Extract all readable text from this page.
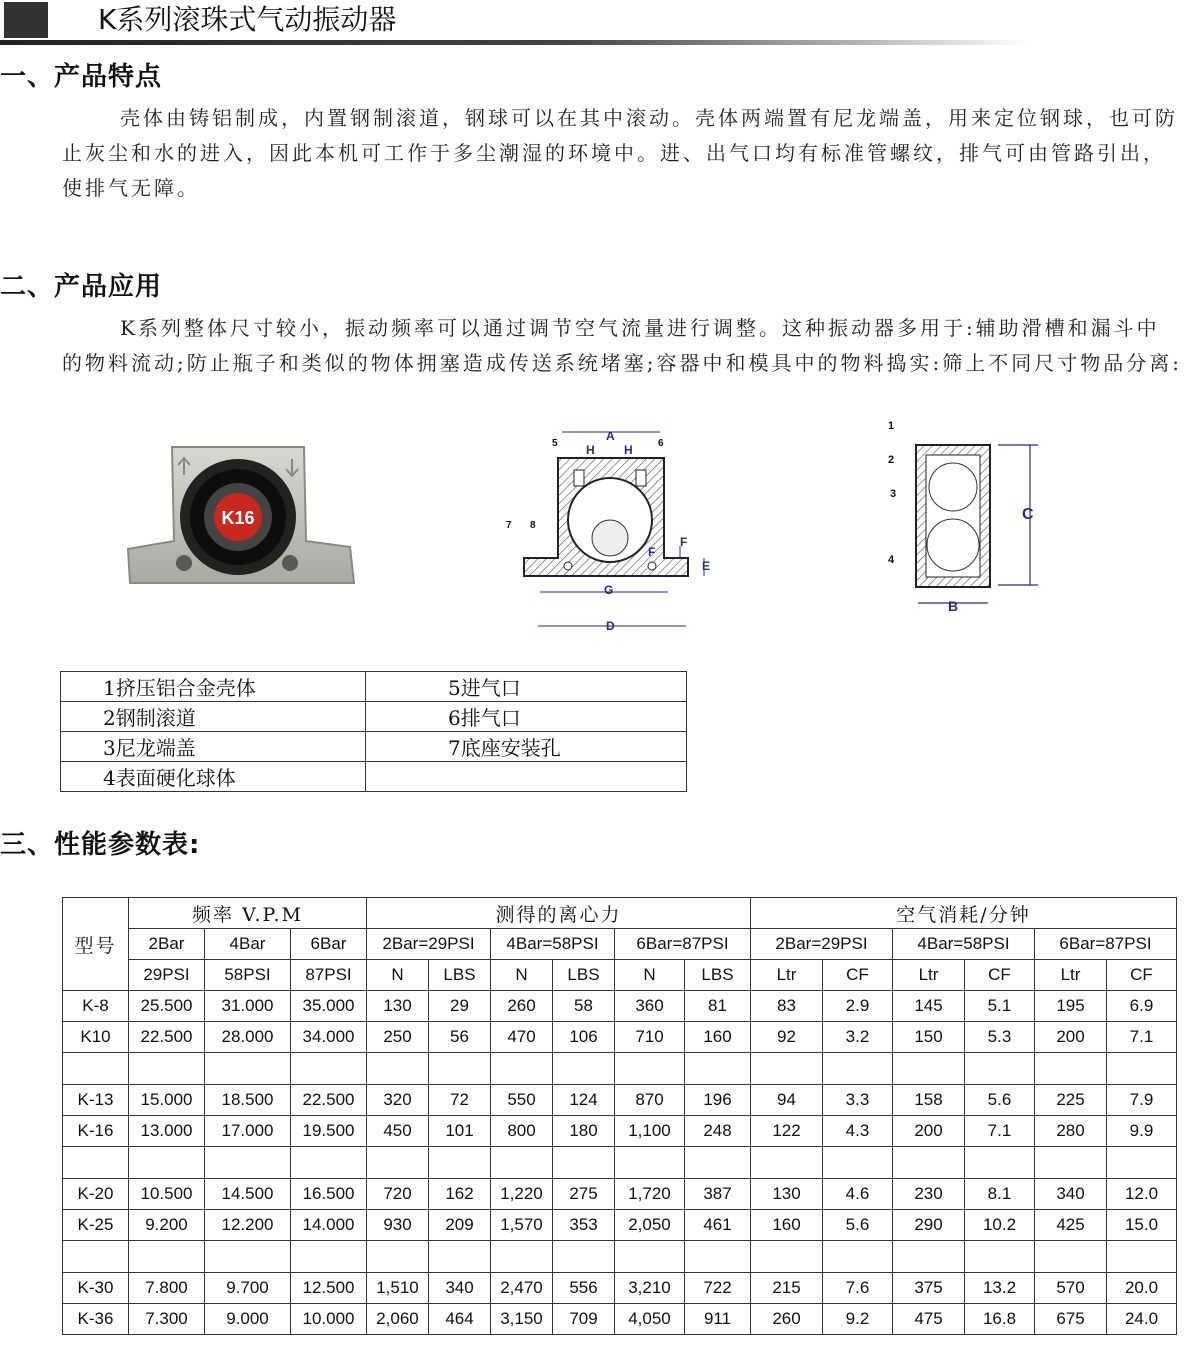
K系列滚珠式气动振动器
一、产品特点

壳体由铸铝制成，内置钢制滚道，钢球可以在其中滚动。壳体两端置有尼龙端盖，用来定位钢球，也可防止灰尘和水的进入，因此本机可工作于多尘潮湿的环境中。进、出气口均有标准管螺纹，排气可由管路引出，使排气无障。

二、产品应用

K系列整体尺寸较小，振动频率可以通过调节空气流量进行调整。这种振动器多用于:辅助滑槽和漏斗中的物料流动;防止瓶子和类似的物体拥塞造成传送系统堵塞;容器中和模具中的物料捣实:筛上不同尺寸物品分离:

K16
A
H H
5	6
7 8
F
F
E
G
D
1
2
3
4
C
B
1挤压铝合金壳体	5进气口
2钢制滚道	6排气口
3尼龙端盖	7底座安装孔
4表面硬化球体	
三、性能参数表:
型号	频率 V.P.M			测得的离心力						空气消耗/分钟					
	2Bar	4Bar	6Bar	2Bar=29PSI		4Bar=58PSI		6Bar=87PSI		2Bar=29PSI		4Bar=58PSI		6Bar=87PSI	
	29PSI	58PSI	87PSI	N	LBS	N	LBS	N	LBS	Ltr	CF	Ltr	CF	Ltr	CF
K-8	25.500	31.000	35.000	130	29	260	58	360	81	83	2.9	145	5.1	195	6.9
K10	22.500	28.000	34.000	250	56	470	106	710	160	92	3.2	150	5.3	200	7.1

K-13	15.000	18.500	22.500	320	72	550	124	870	196	94	3.3	158	5.6	225	7.9
K-16	13.000	17.000	19.500	450	101	800	180	1,100	248	122	4.3	200	7.1	280	9.9

K-20	10.500	14.500	16.500	720	162	1,220	275	1,720	387	130	4.6	230	8.1	340	12.0
K-25	9.200	12.200	14.000	930	209	1,570	353	2,050	461	160	5.6	290	10.2	425	15.0

K-30	7.800	9.700	12.500	1,510	340	2,470	556	3,210	722	215	7.6	375	13.2	570	20.0
K-36	7.300	9.000	10.000	2,060	464	3,150	709	4,050	911	260	9.2	475	16.8	675	24.0
